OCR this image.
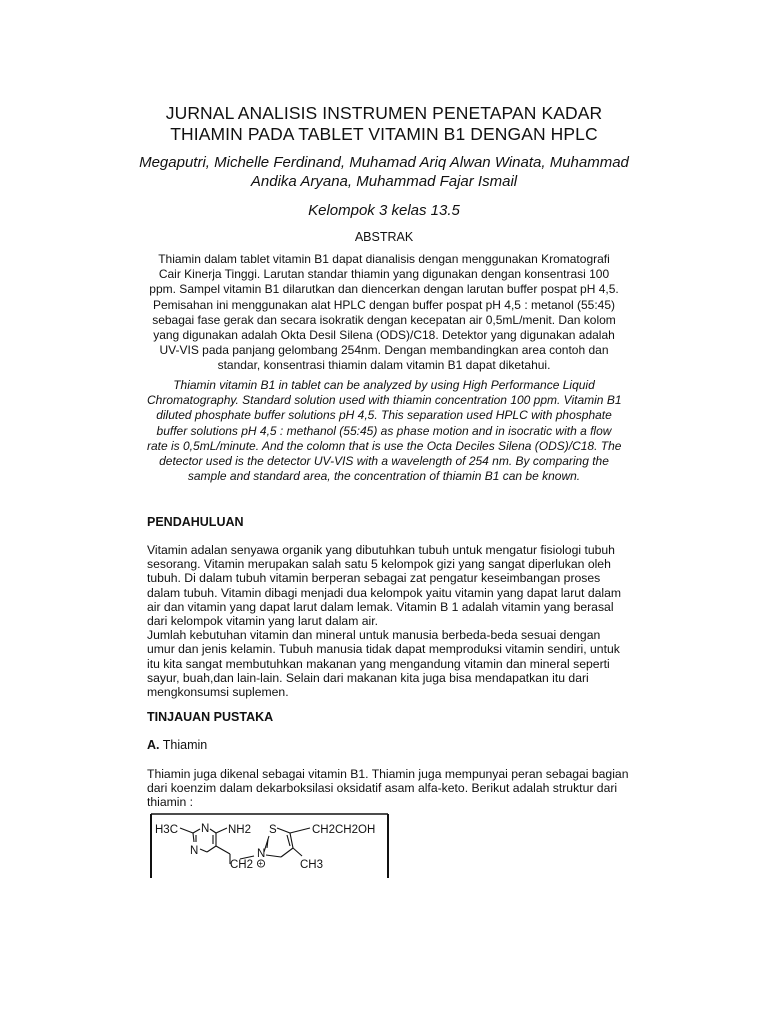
JURNAL ANALISIS INSTRUMEN PENETAPAN KADAR
THIAMIN PADA TABLET VITAMIN B1 DENGAN HPLC
Megaputri, Michelle Ferdinand, Muhamad Ariq Alwan Winata, Muhammad
Andika Aryana, Muhammad Fajar Ismail
Kelompok 3 kelas 13.5
ABSTRAK
Thiamin dalam tablet vitamin B1 dapat dianalisis dengan menggunakan Kromatografi
Cair Kinerja Tinggi. Larutan standar thiamin yang digunakan dengan konsentrasi 100
ppm. Sampel vitamin B1 dilarutkan dan diencerkan dengan larutan buffer pospat pH 4,5.
Pemisahan ini menggunakan alat HPLC dengan buffer pospat pH 4,5 : metanol (55:45)
sebagai fase gerak dan secara isokratik dengan kecepatan air 0,5mL/menit. Dan kolom
yang digunakan adalah Okta Desil Silena (ODS)/C18. Detektor yang digunakan adalah
UV-VIS pada panjang gelombang 254nm. Dengan membandingkan area contoh dan
standar, konsentrasi thiamin dalam vitamin B1 dapat diketahui.
Thiamin vitamin B1 in tablet can be analyzed by using High Performance Liquid
Chromatography. Standard solution used with thiamin concentration 100 ppm. Vitamin B1
diluted phosphate buffer solutions pH 4,5. This separation used HPLC with phosphate
buffer solutions pH 4,5 : methanol (55:45) as phase motion and in isocratic with a flow
rate is 0,5mL/minute. And the colomn that is use the Octa Deciles Silena (ODS)/C18. The
detector used is the detector UV-VIS with a wavelength of 254 nm. By comparing the
sample and standard area, the concentration of thiamin B1 can be known.
PENDAHULUAN
Vitamin adalan senyawa organik yang dibutuhkan tubuh untuk mengatur fisiologi tubuh
sesorang. Vitamin merupakan salah satu 5 kelompok gizi yang sangat diperlukan oleh
tubuh. Di dalam tubuh vitamin berperan sebagai zat pengatur keseimbangan proses
dalam tubuh. Vitamin dibagi menjadi dua kelompok yaitu vitamin yang dapat larut dalam
air dan vitamin yang dapat larut dalam lemak. Vitamin B 1 adalah vitamin yang berasal
dari kelompok vitamin yang larut dalam air.
Jumlah kebutuhan vitamin dan mineral untuk manusia berbeda-beda sesuai dengan
umur dan jenis kelamin. Tubuh manusia tidak dapat memproduksi vitamin sendiri, untuk
itu kita sangat membutuhkan makanan yang mengandung vitamin dan mineral seperti
sayur, buah,dan lain-lain. Selain dari makanan kita juga bisa mendapatkan itu dari
mengkonsumsi suplemen.
TINJAUAN PUSTAKA
A. Thiamin
Thiamin juga dikenal sebagai vitamin B1. Thiamin juga mempunyai peran sebagai bagian
dari koenzim dalam dekarboksilasi oksidatif asam alfa-keto. Berikut adalah struktur dari
thiamin :
H3C N
N
NH2
CH2
N
+
S	CH2CH2OH
CH3
